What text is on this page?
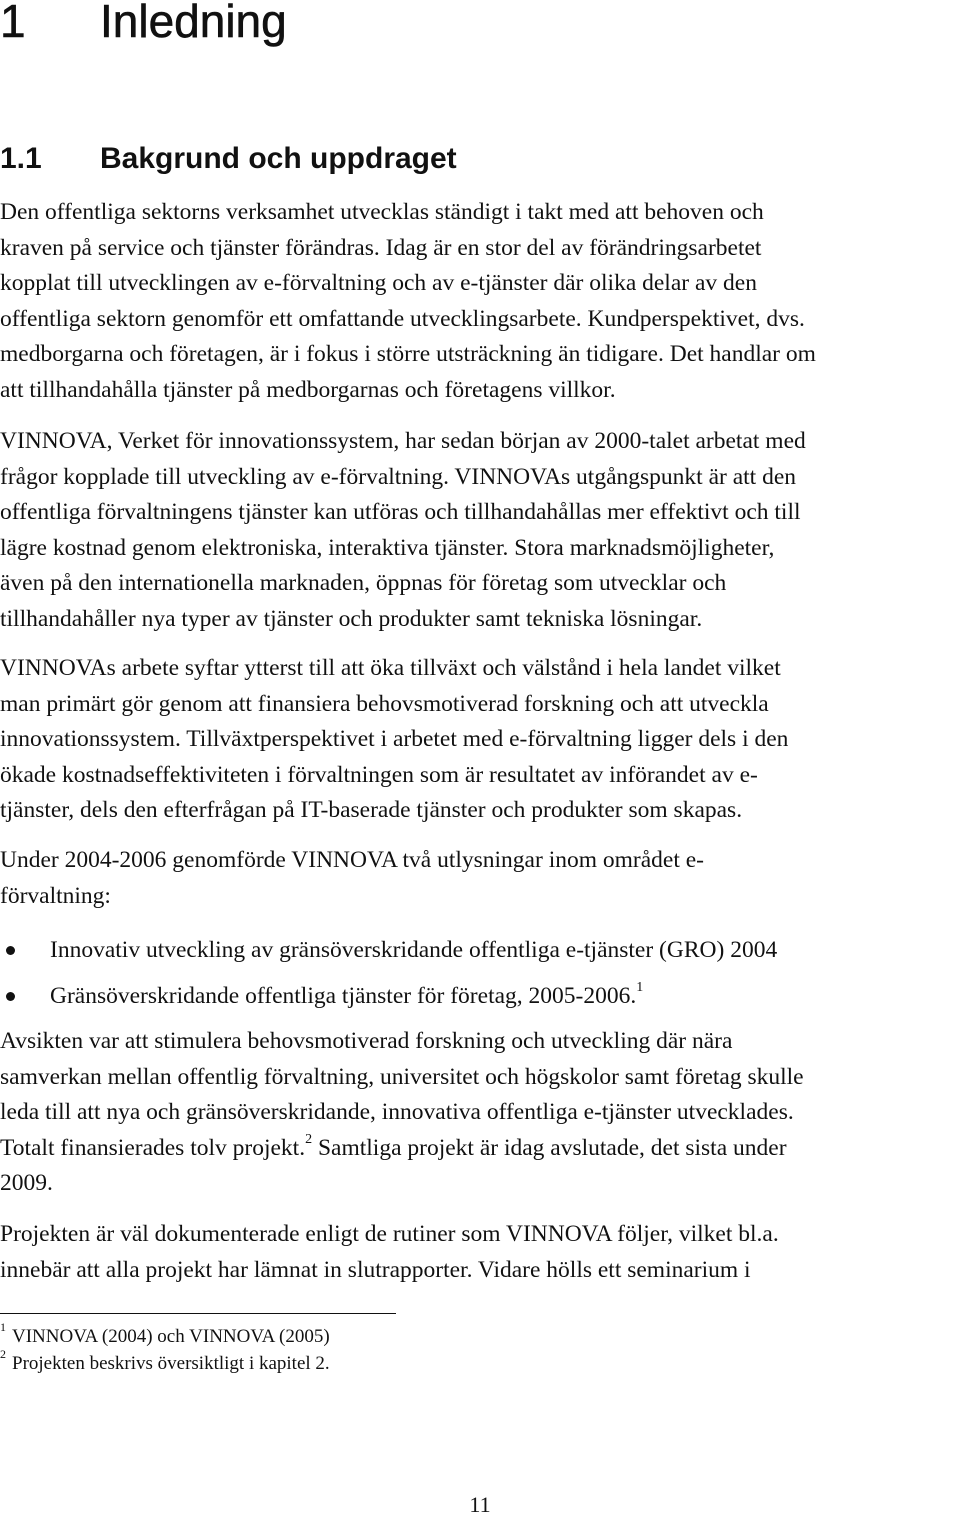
1 Inledning
1.1 Bakgrund och uppdraget

Den offentliga sektorns verksamhet utvecklas ständigt i takt med att behoven och
kraven på service och tjänster förändras. Idag är en stor del av förändringsarbetet
kopplat till utvecklingen av e-förvaltning och av e-tjänster där olika delar av den
offentliga sektorn genomför ett omfattande utvecklingsarbete. Kundperspektivet, dvs.
medborgarna och företagen, är i fokus i större utsträckning än tidigare. Det handlar om
att tillhandahålla tjänster på medborgarnas och företagens villkor.

VINNOVA, Verket för innovationssystem, har sedan början av 2000-talet arbetat med
frågor kopplade till utveckling av e-förvaltning. VINNOVAs utgångspunkt är att den
offentliga förvaltningens tjänster kan utföras och tillhandahållas mer effektivt och till
lägre kostnad genom elektroniska, interaktiva tjänster. Stora marknadsmöjligheter,
även på den internationella marknaden, öppnas för företag som utvecklar och
tillhandahåller nya typer av tjänster och produkter samt tekniska lösningar.

VINNOVAs arbete syftar ytterst till att öka tillväxt och välstånd i hela landet vilket
man primärt gör genom att finansiera behovsmotiverad forskning och att utveckla
innovationssystem. Tillväxtperspektivet i arbetet med e-förvaltning ligger dels i den
ökade kostnadseffektiviteten i förvaltningen som är resultatet av införandet av e-
tjänster, dels den efterfrågan på IT-baserade tjänster och produkter som skapas.

Under 2004-2006 genomförde VINNOVA två utlysningar inom området e-
förvaltning:

Innovativ utveckling av gränsöverskridande offentliga e-tjänster (GRO) 2004
Gränsöverskridande offentliga tjänster för företag, 2005-2006.$^1$

Avsikten var att stimulera behovsmotiverad forskning och utveckling där nära
samverkan mellan offentlig förvaltning, universitet och högskolor samt företag skulle
leda till att nya och gränsöverskridande, innovativa offentliga e-tjänster utvecklades.
Totalt finansierades tolv projekt.$^2$ Samtliga projekt är idag avslutade, det sista under
2009.

Projekten är väl dokumenterade enligt de rutiner som VINNOVA följer, vilket bl.a.
innebär att alla projekt har lämnat in slutrapporter. Vidare hölls ett seminarium i

$^1$ VINNOVA (2004) och VINNOVA (2005)
$^2$ Projekten beskrivs översiktligt i kapitel 2.
11
